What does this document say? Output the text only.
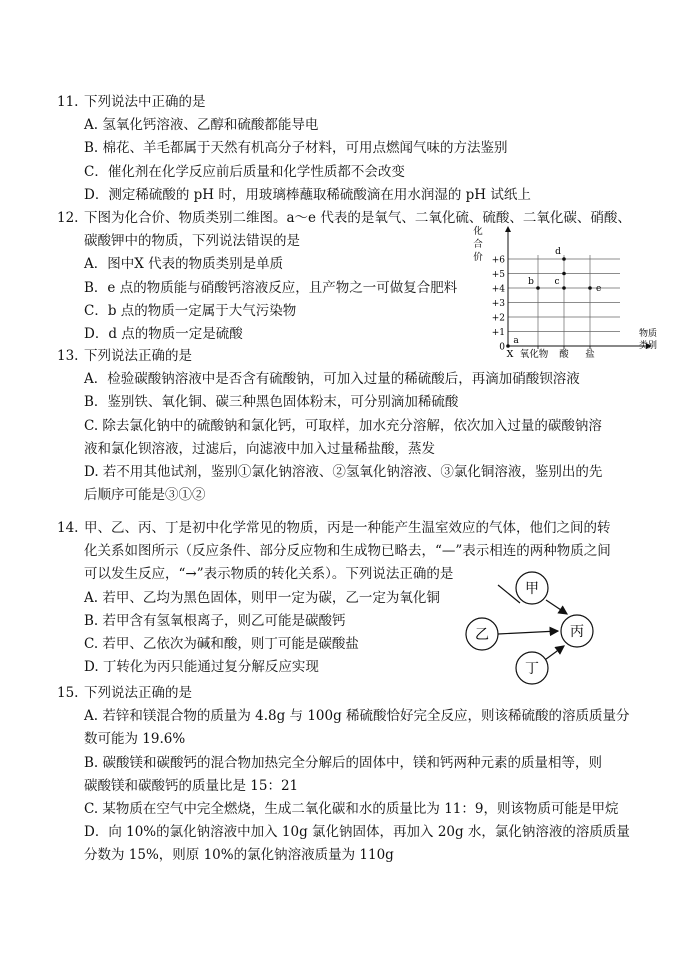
11. 下列说法中正确的是
A. 氢氧化钙溶液、乙醇和硫酸都能导电
B. 棉花、羊毛都属于天然有机高分子材料，可用点燃闻气味的方法鉴别
C．催化剂在化学反应前后质量和化学性质都不会改变
D．测定稀硫酸的 pH 时，用玻璃棒蘸取稀硫酸滴在用水润湿的 pH 试纸上
12. 下图为化合价、物质类别二维图。a～e 代表的是氧气、二氧化硫、硫酸、二氧化碳、硝酸、
碳酸钾中的物质，下列说法错误的是
A．图中X 代表的物质类别是单质
B．e 点的物质能与硝酸钙溶液反应，且产物之一可做复合肥料
C．b 点的物质一定属于大气污染物
D．d 点的物质一定是硫酸
13. 下列说法正确的是
A．检验碳酸钠溶液中是否含有硫酸钠，可加入过量的稀硫酸后，再滴加硝酸钡溶液
B．鉴别铁、氧化铜、碳三种黑色固体粉末，可分别滴加稀硫酸
C. 除去氯化钠中的硫酸钠和氯化钙，可取样，加水充分溶解，依次加入过量的碳酸钠溶
液和氯化钡溶液，过滤后，向滤液中加入过量稀盐酸，蒸发
D. 若不用其他试剂，鉴别①氯化钠溶液、②氢氧化钠溶液、③氯化铜溶液，鉴别出的先
后顺序可能是③①②
14. 甲、乙、丙、丁是初中化学常见的物质，丙是一种能产生温室效应的气体，他们之间的转
化关系如图所示（反应条件、部分反应物和生成物已略去，“—”表示相连的两种物质之间
可以发生反应，“→”表示物质的转化关系）。下列说法正确的是
A. 若甲、乙均为黑色固体，则甲一定为碳，乙一定为氧化铜
B. 若甲含有氢氧根离子，则乙可能是碳酸钙
C. 若甲、乙依次为碱和酸，则丁可能是碳酸盐
D. 丁转化为丙只能通过复分解反应实现
15. 下列说法正确的是
A. 若锌和镁混合物的质量为 4.8g 与 100g 稀硫酸恰好完全反应，则该稀硫酸的溶质质量分
数可能为 19.6%
B. 碳酸镁和碳酸钙的混合物加热完全分解后的固体中，镁和钙两种元素的质量相等，则
碳酸镁和碳酸钙的质量比是 15：21
C. 某物质在空气中完全燃烧，生成二氧化碳和水的质量比为 11：9，则该物质可能是甲烷
D．向 10%的氯化钠溶液中加入 10g 氯化钠固体，再加入 20g 水，氯化钠溶液的溶质质量
分数为 15%，则原 10%的氯化钠溶液质量为 110g
化
合
价 +6
+5
+4
+3
+2
+1
0
X 氧化物 酸 盐
物质
类别
a
b c
d
e
甲
乙	丙
丁
